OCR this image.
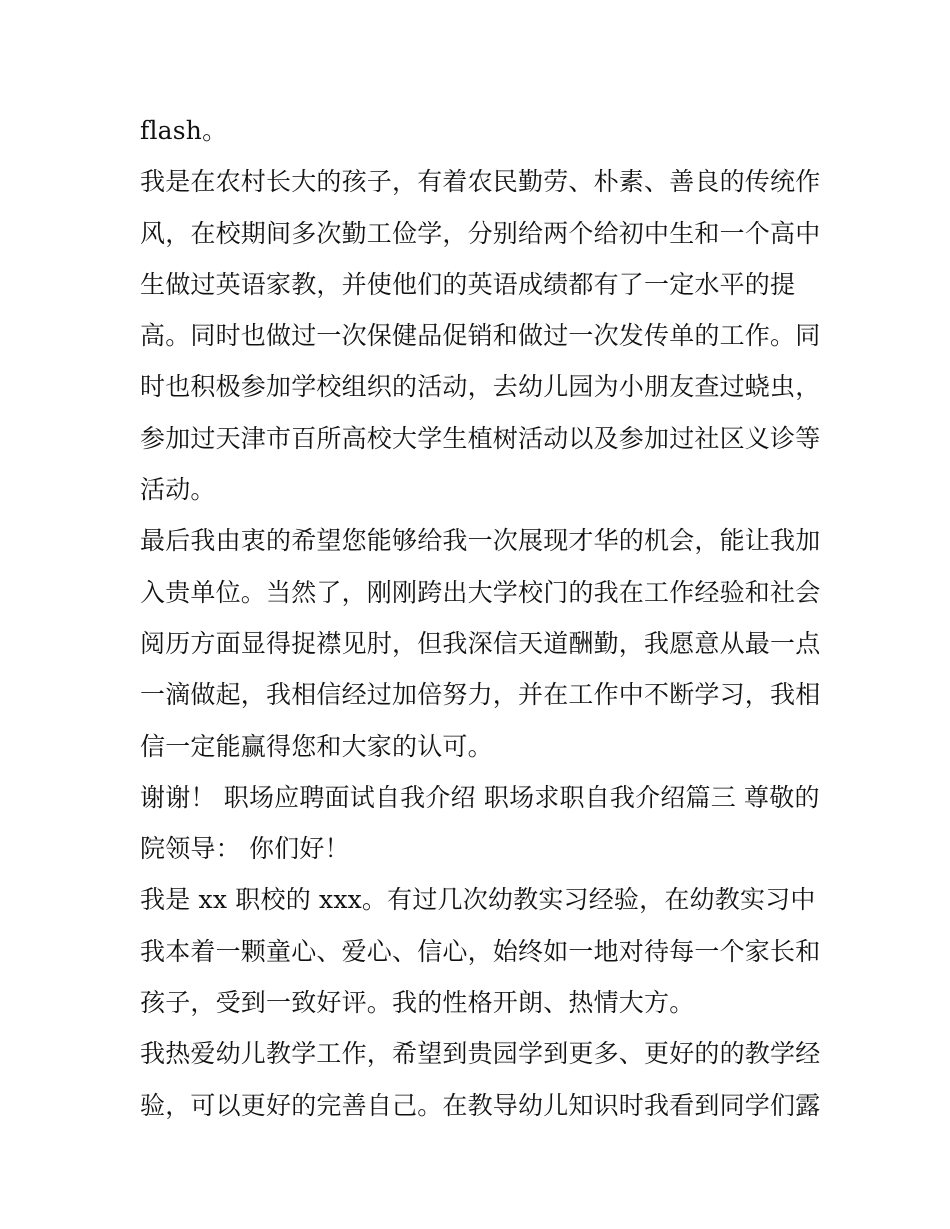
flash。
我是在农村长大的孩子，有着农民勤劳、朴素、善良的传统作
风，在校期间多次勤工俭学，分别给两个给初中生和一个高中
生做过英语家教，并使他们的英语成绩都有了一定水平的提
高。同时也做过一次保健品促销和做过一次发传单的工作。同
时也积极参加学校组织的活动，去幼儿园为小朋友查过蛲虫，
参加过天津市百所高校大学生植树活动以及参加过社区义诊等
活动。
最后我由衷的希望您能够给我一次展现才华的机会，能让我加
入贵单位。当然了，刚刚跨出大学校门的我在工作经验和社会
阅历方面显得捉襟见肘，但我深信天道酬勤，我愿意从最一点
一滴做起，我相信经过加倍努力，并在工作中不断学习，我相
信一定能赢得您和大家的认可。
谢谢！ 职场应聘面试自我介绍 职场求职自我介绍篇三 尊敬的
院领导： 你们好！
我是 xx 职校的 xxx。有过几次幼教实习经验，在幼教实习中
我本着一颗童心、爱心、信心，始终如一地对待每一个家长和
孩子，受到一致好评。我的性格开朗、热情大方。
我热爱幼儿教学工作，希望到贵园学到更多、更好的的教学经
验，可以更好的完善自己。在教导幼儿知识时我看到同学们露
